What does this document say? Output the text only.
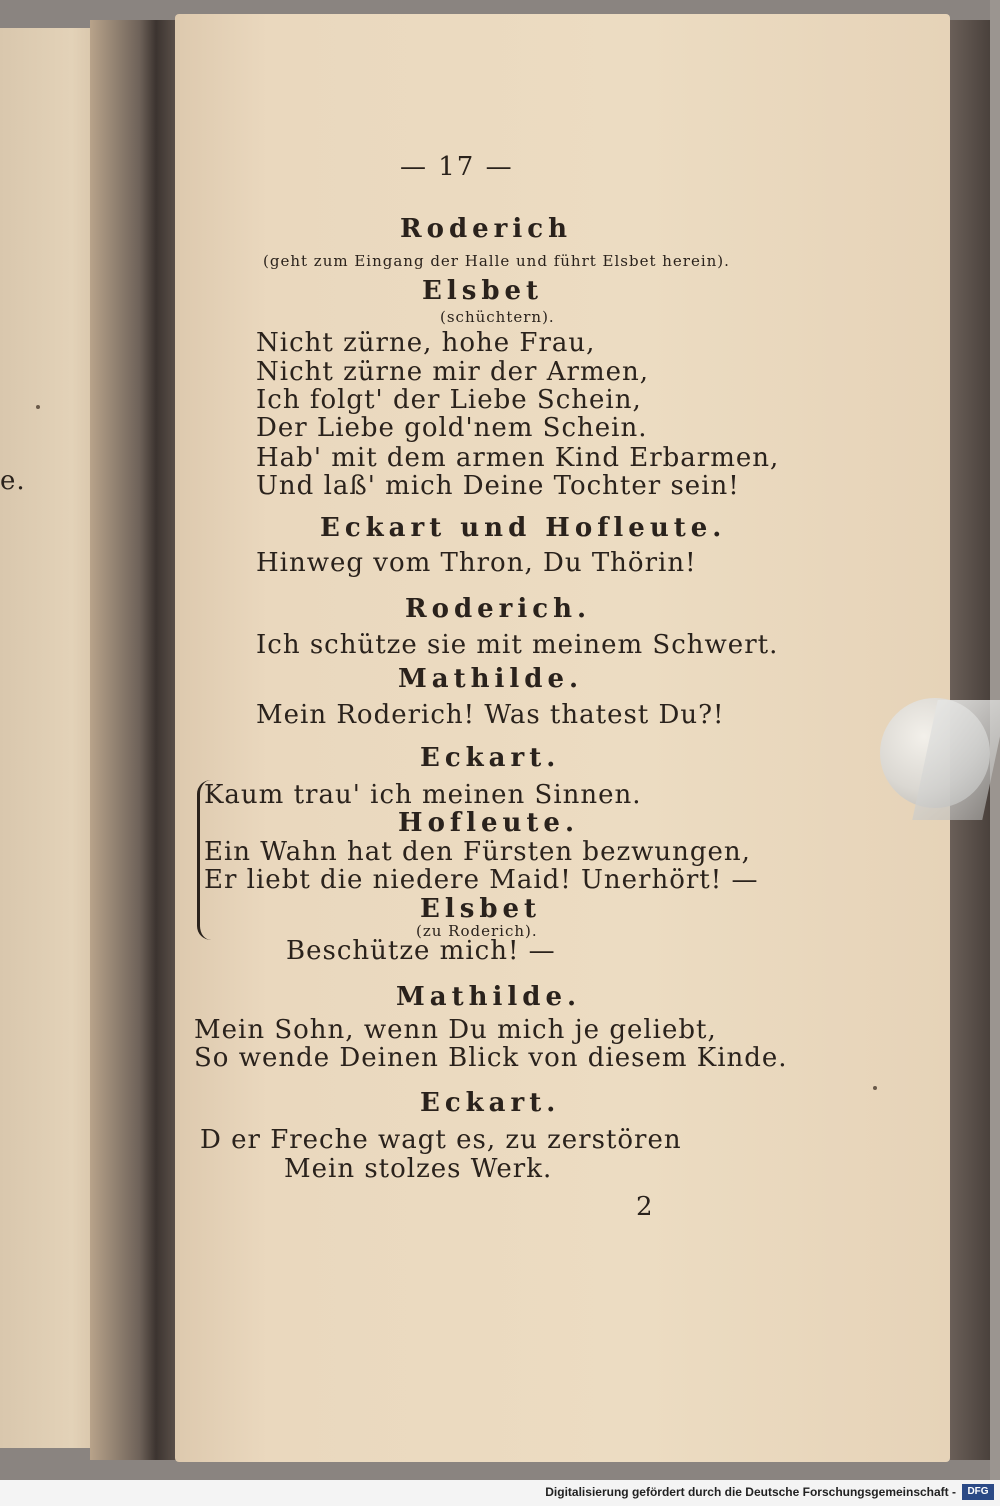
e.
— 17 —
Roderich
(geht zum Eingang der Halle und führt Elsbet herein).
Elsbet
(schüchtern).
Nicht zürne, hohe Frau,
Nicht zürne mir der Armen,
Ich folgt' der Liebe Schein,
Der Liebe gold'nem Schein.
Hab' mit dem armen Kind Erbarmen,
Und laß' mich Deine Tochter sein!
Eckart und Hofleute.
Hinweg vom Thron, Du Thörin!
Roderich.
Ich schütze sie mit meinem Schwert.
Mathilde.
Mein Roderich! Was thatest Du?!
Eckart.
Kaum trau' ich meinen Sinnen.
Hofleute.
Ein Wahn hat den Fürsten bezwungen,
Er liebt die niedere Maid! Unerhört! —
Elsbet
(zu Roderich).
Beschütze mich! —
Mathilde.
Mein Sohn, wenn Du mich je geliebt,
So wende Deinen Blick von diesem Kinde.
Eckart.
D er Freche wagt es, zu zerstören
Mein stolzes Werk.
2
Digitalisierung gefördert durch die Deutsche Forschungsgemeinschaft -	DFG
